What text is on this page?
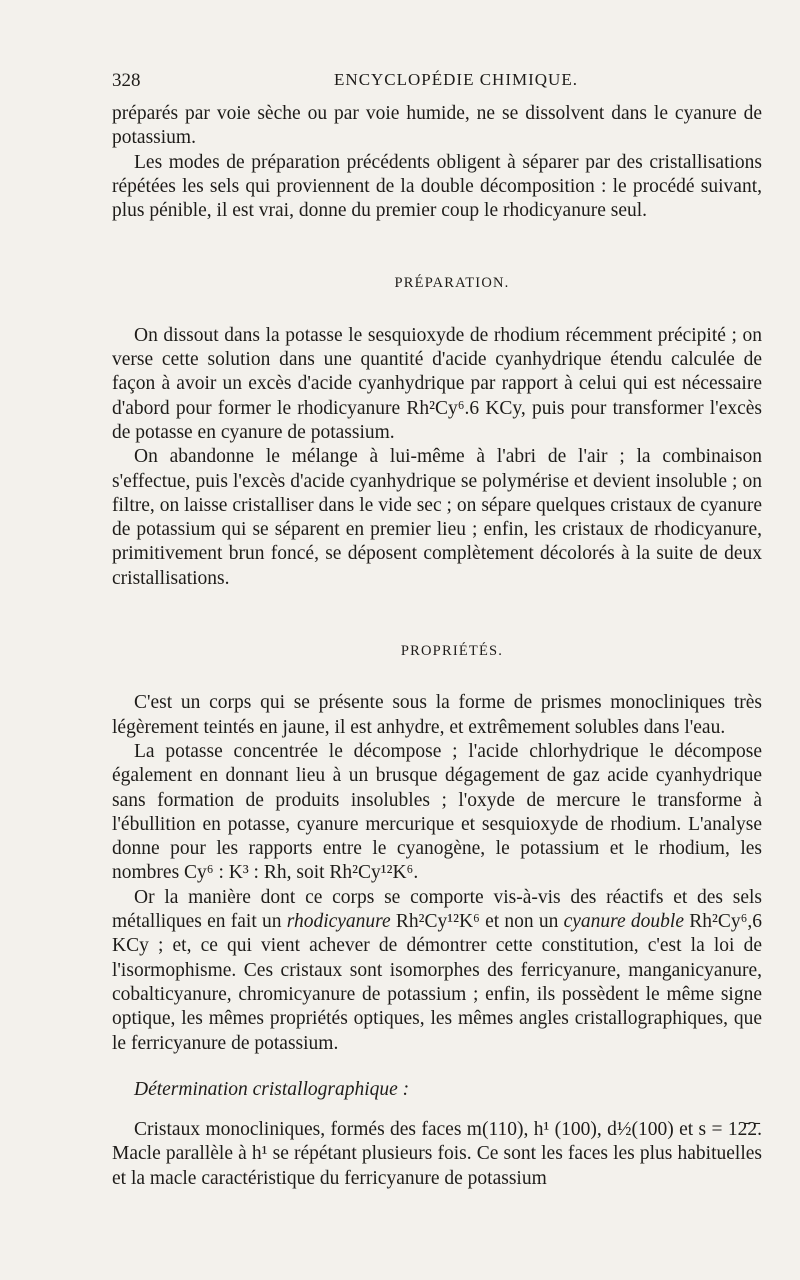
328	ENCYCLOPÉDIE CHIMIQUE.

préparés par voie sèche ou par voie humide, ne se dissolvent dans le cyanure de potassium.

Les modes de préparation précédents obligent à séparer par des cristallisations répétées les sels qui proviennent de la double décomposition : le procédé suivant, plus pénible, il est vrai, donne du premier coup le rhodicyanure seul.

PRÉPARATION.

On dissout dans la potasse le sesquioxyde de rhodium récemment précipité ; on verse cette solution dans une quantité d'acide cyanhydrique étendu calculée de façon à avoir un excès d'acide cyanhydrique par rapport à celui qui est nécessaire d'abord pour former le rhodicyanure Rh²Cy⁶.6 KCy, puis pour transformer l'excès de potasse en cyanure de potassium.

On abandonne le mélange à lui-même à l'abri de l'air ; la combinaison s'effectue, puis l'excès d'acide cyanhydrique se polymérise et devient insoluble ; on filtre, on laisse cristalliser dans le vide sec ; on sépare quelques cristaux de cyanure de potassium qui se séparent en premier lieu ; enfin, les cristaux de rhodicyanure, primitivement brun foncé, se déposent complètement décolorés à la suite de deux cristallisations.

PROPRIÉTÉS.

C'est un corps qui se présente sous la forme de prismes monocliniques très légèrement teintés en jaune, il est anhydre, et extrêmement solubles dans l'eau.

La potasse concentrée le décompose ; l'acide chlorhydrique le décompose également en donnant lieu à un brusque dégagement de gaz acide cyanhydrique sans formation de produits insolubles ; l'oxyde de mercure le transforme à l'ébullition en potasse, cyanure mercurique et sesquioxyde de rhodium. L'analyse donne pour les rapports entre le cyanogène, le potassium et le rhodium, les nombres Cy⁶ : K³ : Rh, soit Rh²Cy¹²K⁶.

Or la manière dont ce corps se comporte vis-à-vis des réactifs et des sels métalliques en fait un rhodicyanure Rh²Cy¹²K⁶ et non un cyanure double Rh²Cy⁶,6 KCy ; et, ce qui vient achever de démontrer cette constitution, c'est la loi de l'isormophisme. Ces cristaux sont isomorphes des ferricyanure, manganicyanure, cobalticyanure, chromicyanure de potassium ; enfin, ils possèdent le même signe optique, les mêmes propriétés optiques, les mêmes angles cristallographiques, que le ferricyanure de potassium.

Détermination cristallographique :

Cristaux monocliniques, formés des faces m(110), h¹ (100), d½(100) et s = 12̄2̄. Macle parallèle à h¹ se répétant plusieurs fois. Ce sont les faces les plus habituelles et la macle caractéristique du ferricyanure de potassium
